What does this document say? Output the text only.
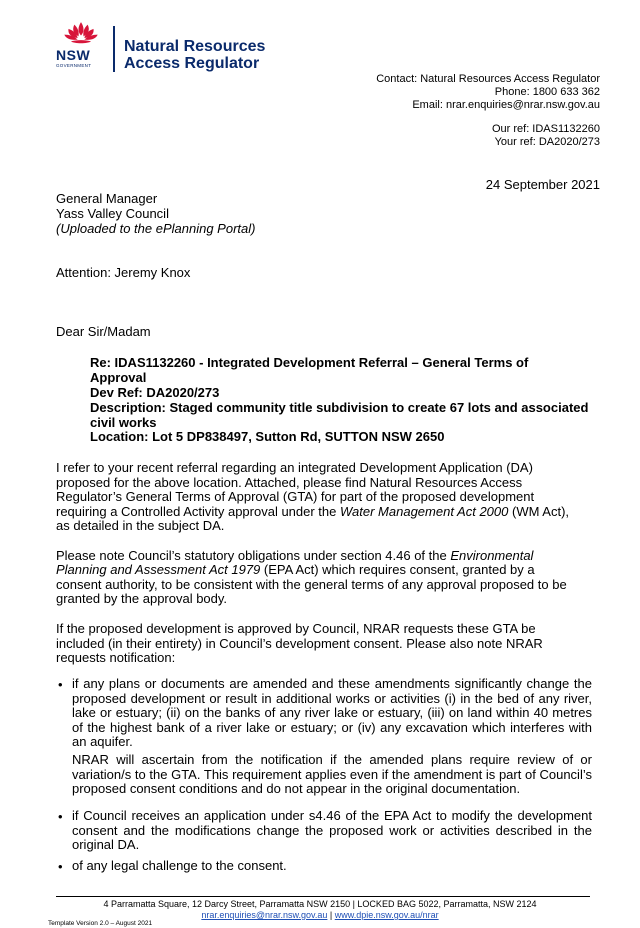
NSW
GOVERNMENT
Natural Resources
Access Regulator
Contact: Natural Resources Access Regulator
Phone: 1800 633 362
Email: nrar.enquiries@nrar.nsw.gov.au
Our ref: IDAS1132260
Your ref: DA2020/273
24 September 2021
General Manager
Yass Valley Council
(Uploaded to the ePlanning Portal)
Attention: Jeremy Knox
Dear Sir/Madam
Re: IDAS1132260 - Integrated Development Referral – General Terms of
Approval
Dev Ref: DA2020/273
Description: Staged community title subdivision to create 67 lots and associated
civil works
Location: Lot 5 DP838497, Sutton Rd, SUTTON NSW 2650
I refer to your recent referral regarding an integrated Development Application (DA)
proposed for the above location. Attached, please find Natural Resources Access
Regulator’s General Terms of Approval (GTA) for part of the proposed development
requiring a Controlled Activity approval under the Water Management Act 2000 (WM Act),
as detailed in the subject DA.
Please note Council’s statutory obligations under section 4.46 of the Environmental
Planning and Assessment Act 1979 (EPA Act) which requires consent, granted by a
consent authority, to be consistent with the general terms of any approval proposed to be
granted by the approval body.
If the proposed development is approved by Council, NRAR requests these GTA be
included (in their entirety) in Council’s development consent. Please also note NRAR
requests notification:
• if any plans or documents are amended and these amendments significantly change the proposed development or result in additional works or activities (i) in the bed of any river, lake or estuary; (ii) on the banks of any river lake or estuary, (iii) on land within 40 metres of the highest bank of a river lake or estuary; or (iv) any excavation which interferes with an aquifer.
NRAR will ascertain from the notification if the amended plans require review of or variation/s to the GTA. This requirement applies even if the amendment is part of Council’s proposed consent conditions and do not appear in the original documentation.
• if Council receives an application under s4.46 of the EPA Act to modify the development consent and the modifications change the proposed work or activities described in the original DA.
• of any legal challenge to the consent.
4 Parramatta Square, 12 Darcy Street, Parramatta NSW 2150 | LOCKED BAG 5022, Parramatta, NSW 2124
nrar.enquiries@nrar.nsw.gov.au | www.dpie.nsw.gov.au/nrar
Template Version 2.0 – August 2021
